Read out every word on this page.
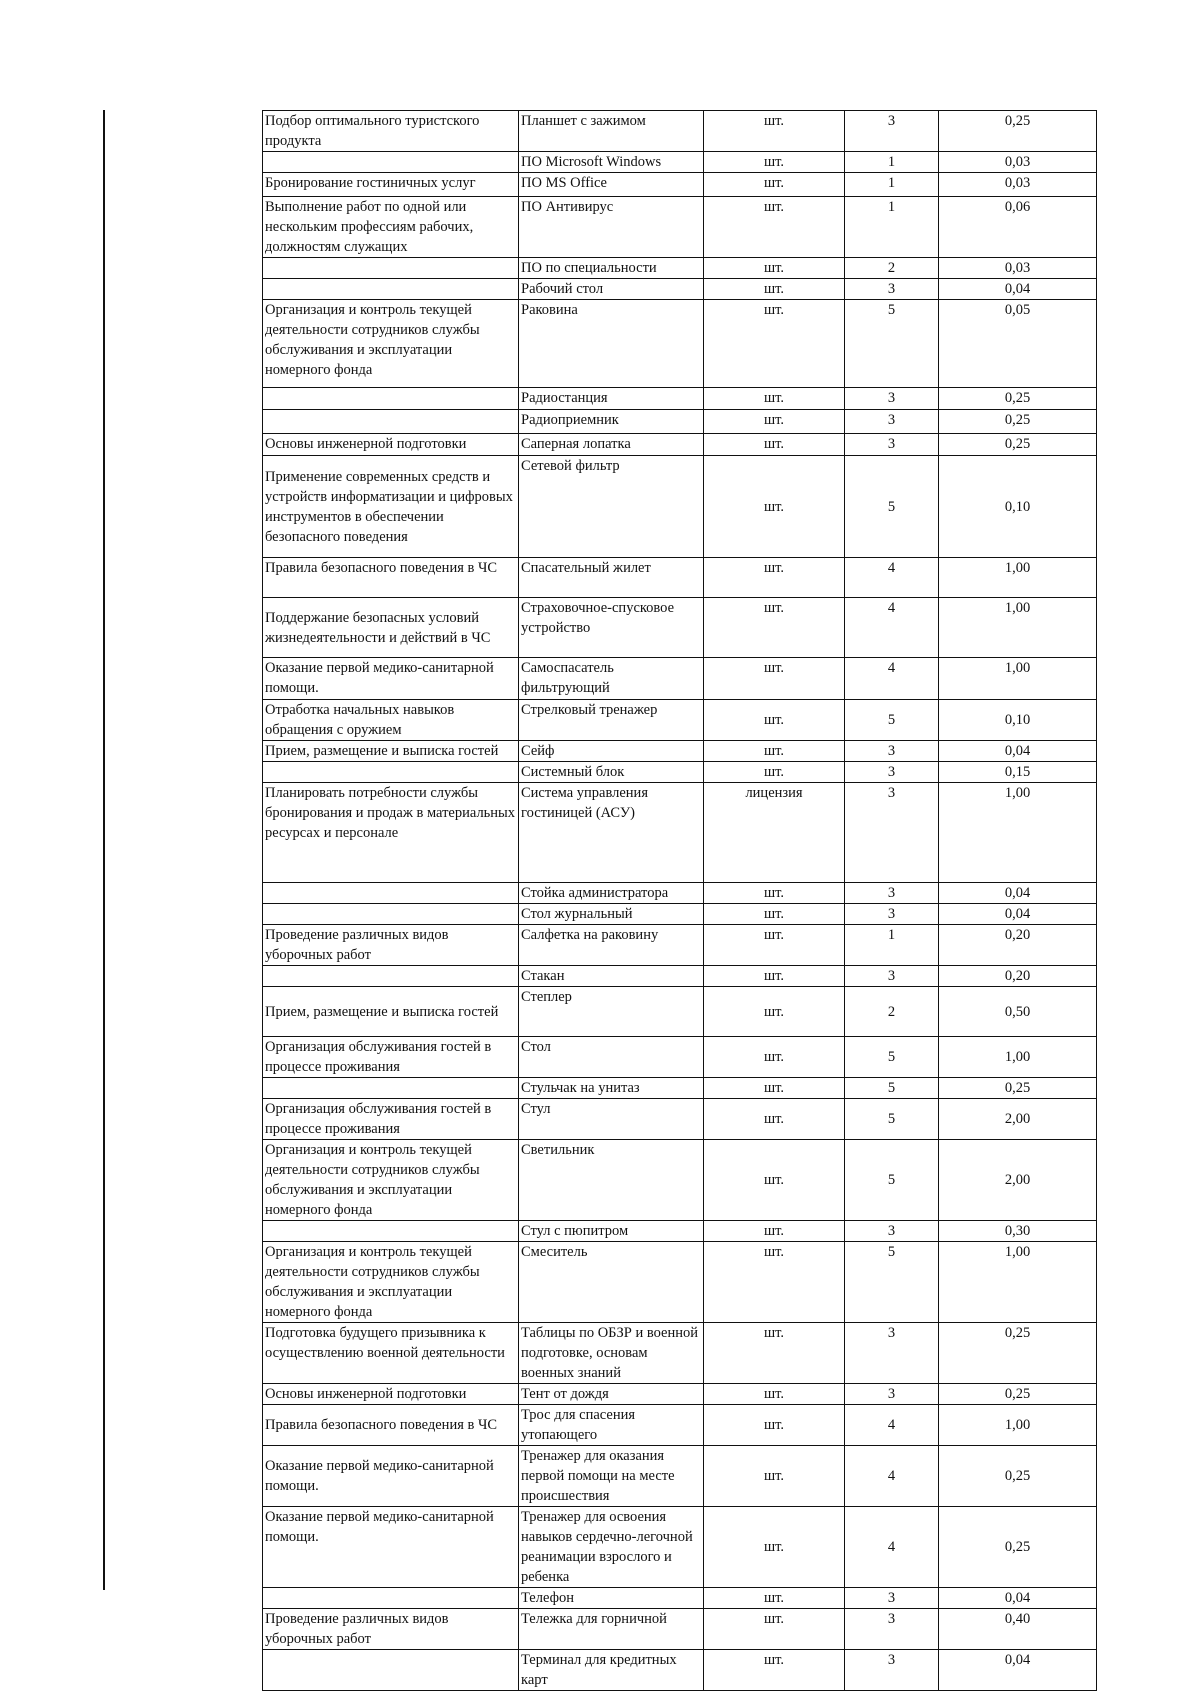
Подбор оптимального туристского продукта	Планшет с зажимом	шт.	3	0,25
	ПО Microsoft Windows	шт.	1	0,03
Бронирование гостиничных услуг	ПО MS Office	шт.	1	0,03
Выполнение работ по одной или нескольким профессиям рабочих, должностям служащих	ПО Антивирус	шт.	1	0,06
	ПО по специальности	шт.	2	0,03
	Рабочий стол	шт.	3	0,04
Организация и контроль текущей деятельности сотрудников службы обслуживания и эксплуатации номерного фонда	Раковина	шт.	5	0,05
	Радиостанция	шт.	3	0,25
	Радиоприемник	шт.	3	0,25
Основы инженерной подготовки	Саперная лопатка	шт.	3	0,25
Применение современных средств и устройств информатизации и цифровых инструментов в обеспечении безопасного поведения	Сетевой фильтр	шт.	5	0,10
Правила безопасного поведения в ЧС	Спасательный жилет	шт.	4	1,00
Поддержание безопасных условий жизнедеятельности и действий в ЧС	Страховочное-спусковое устройство	шт.	4	1,00
Оказание первой медико-санитарной помощи.	Самоспасатель фильтрующий	шт.	4	1,00
Отработка начальных навыков обращения с оружием	Стрелковый тренажер	шт.	5	0,10
Прием, размещение и выписка гостей	Сейф	шт.	3	0,04
	Системный блок	шт.	3	0,15
Планировать потребности службы бронирования и продаж в материальных ресурсах и персонале	Система управления гостиницей (АСУ)	лицензия	3	1,00
	Стойка администратора	шт.	3	0,04
	Стол журнальный	шт.	3	0,04
Проведение различных видов уборочных работ	Салфетка на раковину	шт.	1	0,20
	Стакан	шт.	3	0,20
Прием, размещение и выписка гостей	Степлер	шт.	2	0,50
Организация обслуживания гостей в процессе проживания	Стол	шт.	5	1,00
	Стульчак на унитаз	шт.	5	0,25
Организация обслуживания гостей в процессе проживания	Стул	шт.	5	2,00
Организация и контроль текущей деятельности сотрудников службы обслуживания и эксплуатации номерного фонда	Светильник	шт.	5	2,00
	Стул с пюпитром	шт.	3	0,30
Организация и контроль текущей деятельности сотрудников службы обслуживания и эксплуатации номерного фонда	Смеситель	шт.	5	1,00
Подготовка будущего призывника к осуществлению военной деятельности	Таблицы по ОБЗР и военной подготовке, основам военных знаний	шт.	3	0,25
Основы инженерной подготовки	Тент от дождя	шт.	3	0,25
Правила безопасного поведения в ЧС	Трос для спасения утопающего	шт.	4	1,00
Оказание первой медико-санитарной помощи.	Тренажер для оказания первой помощи на месте происшествия	шт.	4	0,25
Оказание первой медико-санитарной помощи.	Тренажер для освоения навыков сердечно-легочной реанимации взрослого и ребенка	шт.	4	0,25
	Телефон	шт.	3	0,04
Проведение различных видов уборочных работ	Тележка для горничной	шт.	3	0,40
	Терминал для кредитных карт	шт.	3	0,04
